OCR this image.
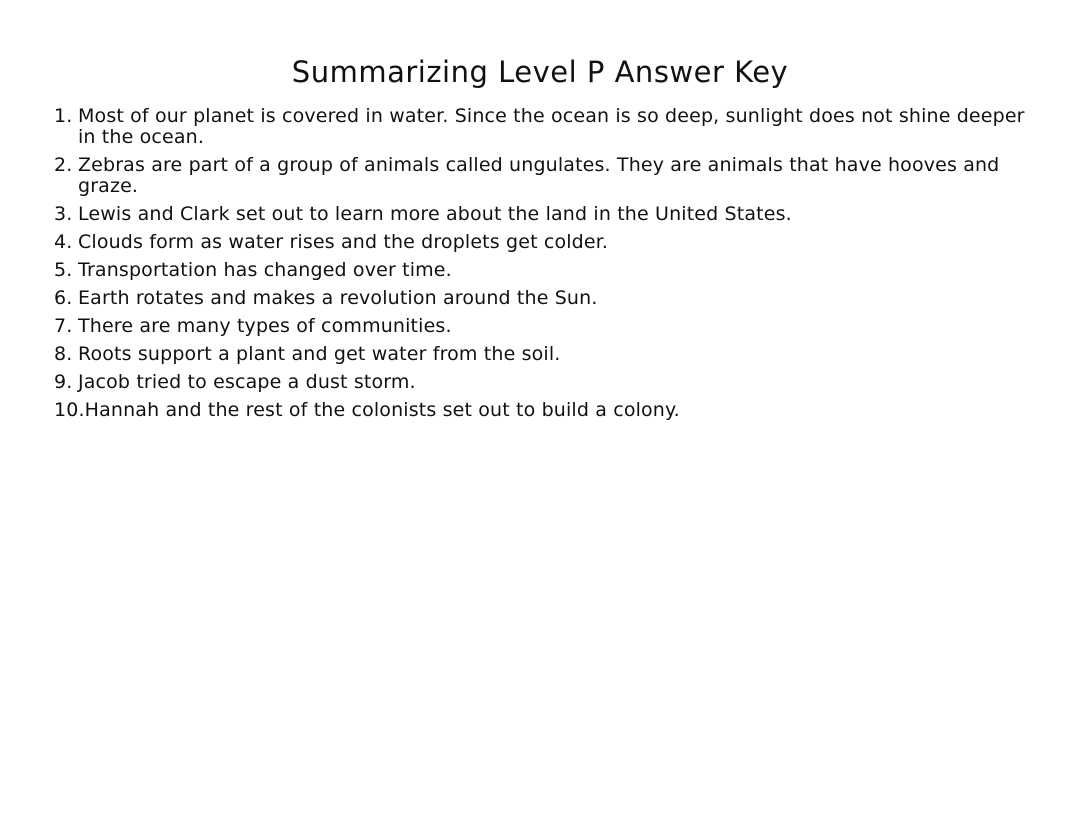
Summarizing Level P Answer Key
1. Most of our planet is covered in water. Since the ocean is so deep, sunlight does not shine deeper in the ocean.
2. Zebras are part of a group of animals called ungulates. They are animals that have hooves and graze.
3. Lewis and Clark set out to learn more about the land in the United States.
4. Clouds form as water rises and the droplets get colder.
5. Transportation has changed over time.
6. Earth rotates and makes a revolution around the Sun.
7. There are many types of communities.
8. Roots support a plant and get water from the soil.
9. Jacob tried to escape a dust storm.
10. Hannah and the rest of the colonists set out to build a colony.
